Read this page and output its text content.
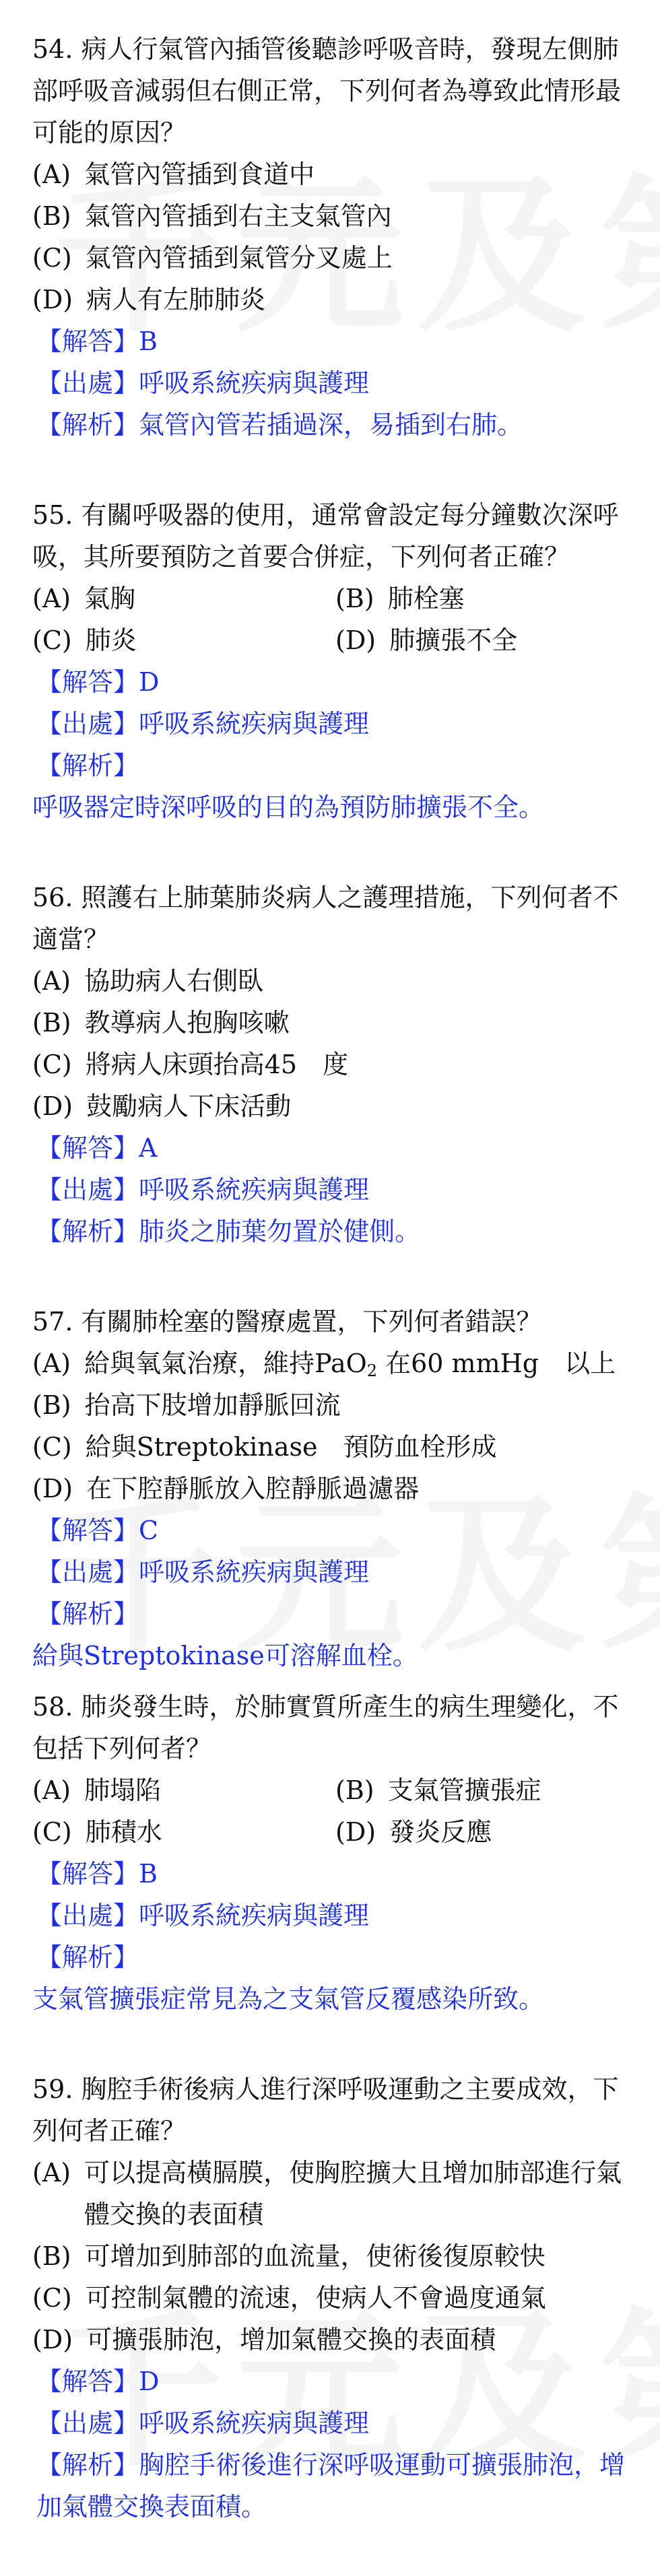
54. 病人行氣管內插管後聽診呼吸音時，發現左側肺部呼吸音減弱但右側正常，下列何者為導致此情形最可能的原因？

(A) 氣管內管插到食道中
(B) 氣管內管插到右主支氣管內
(C) 氣管內管插到氣管分叉處上
(D) 病人有左肺肺炎
【解答】B
【出處】呼吸系統疾病與護理
【解析】氣管內管若插過深，易插到右肺。

55. 有關呼吸器的使用，通常會設定每分鐘數次深呼吸，其所要預防之首要合併症，下列何者正確？

(A) 氣胸	(B) 肺栓塞
(C) 肺炎	(D) 肺擴張不全
【解答】D
【出處】呼吸系統疾病與護理
【解析】
呼吸器定時深呼吸的目的為預防肺擴張不全。

56. 照護右上肺葉肺炎病人之護理措施，下列何者不適當？

(A) 協助病人右側臥
(B) 教導病人抱胸咳嗽
(C) 將病人床頭抬高45　度
(D) 鼓勵病人下床活動
【解答】A
【出處】呼吸系統疾病與護理
【解析】肺炎之肺葉勿置於健側。

57. 有關肺栓塞的醫療處置，下列何者錯誤？

(A) 給與氧氣治療，維持PaO$_2$ 在60 mmHg　以上
(B) 抬高下肢增加靜脈回流
(C) 給與Streptokinase　預防血栓形成
(D) 在下腔靜脈放入腔靜脈過濾器
【解答】C
【出處】呼吸系統疾病與護理
【解析】
給與Streptokinase可溶解血栓。

58. 肺炎發生時，於肺實質所產生的病生理變化，不包括下列何者？

(A) 肺塌陷	(B) 支氣管擴張症
(C) 肺積水	(D) 發炎反應
【解答】B
【出處】呼吸系統疾病與護理
【解析】
支氣管擴張症常見為之支氣管反覆感染所致。

59. 胸腔手術後病人進行深呼吸運動之主要成效，下列何者正確？

(A) 可以提高橫膈膜，使胸腔擴大且增加肺部進行氣體交換的表面積
(B) 可增加到肺部的血流量，使術後復原較快
(C) 可控制氣體的流速，使病人不會過度通氣
(D) 可擴張肺泡，增加氣體交換的表面積
【解答】D
【出處】呼吸系統疾病與護理
【解析】胸腔手術後進行深呼吸運動可擴張肺泡，增加氣體交換表面積。
